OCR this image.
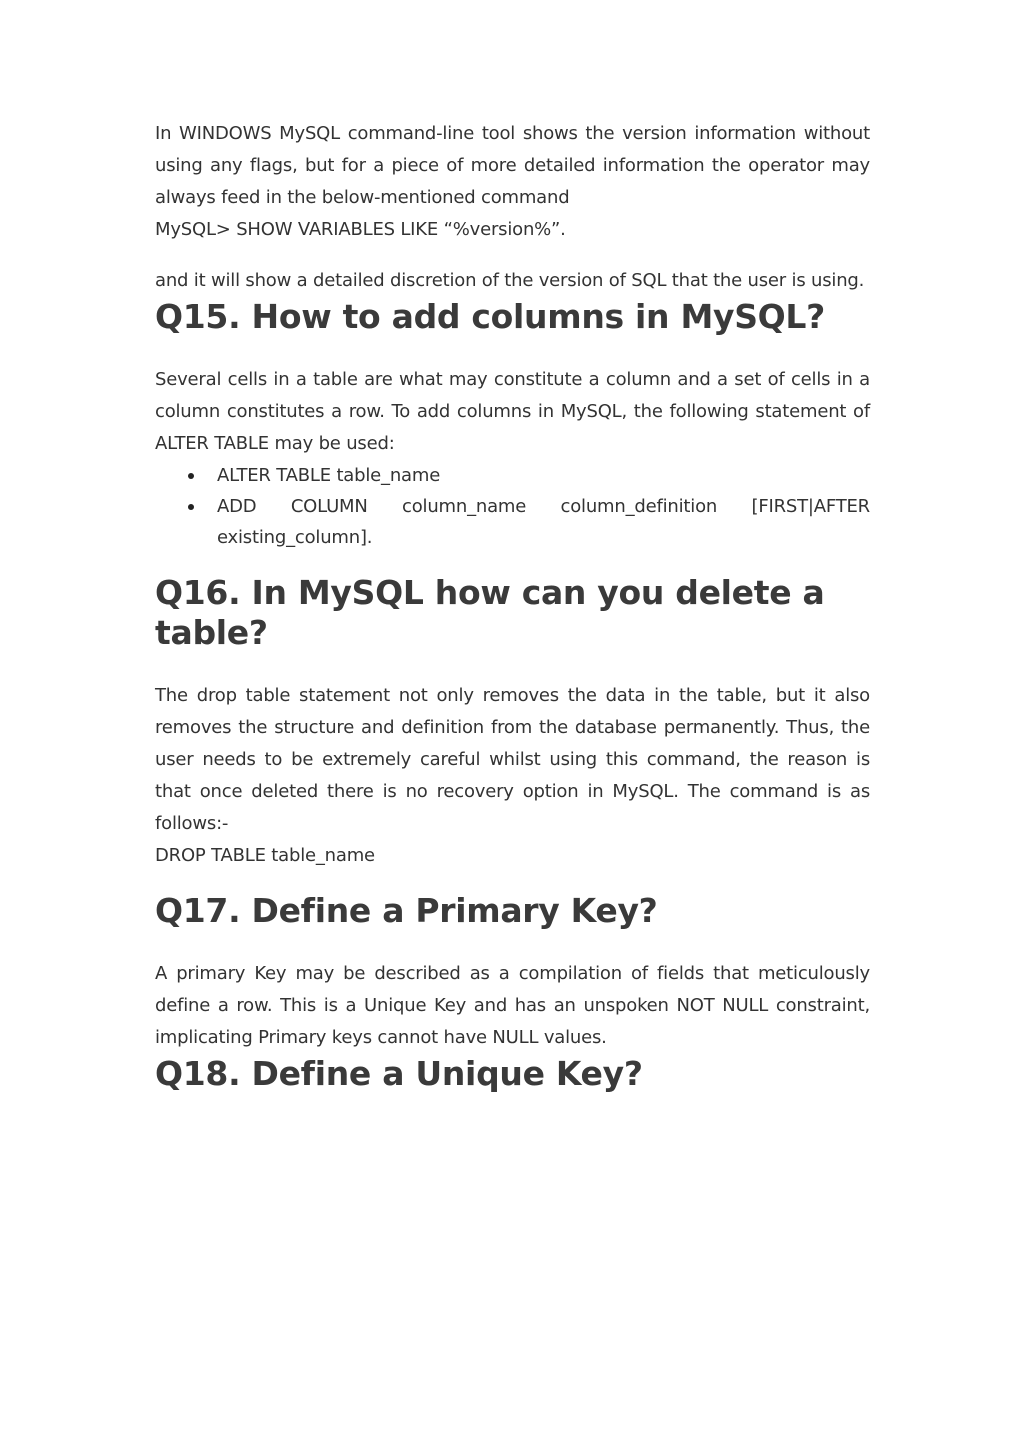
In WINDOWS MySQL command-line tool shows the version information without using any flags, but for a piece of more detailed information the operator may always feed in the below-mentioned command

MySQL> SHOW VARIABLES LIKE “%version%”.

and it will show a detailed discretion of the version of SQL that the user is using.

Q15. How to add columns in MySQL?

Several cells in a table are what may constitute a column and a set of cells in a column constitutes a row. To add columns in MySQL, the following statement of ALTER TABLE may be used:

ALTER TABLE table_name
ADD COLUMN column_name column_definition [FIRST|AFTER existing_column].
Q16. In MySQL how can you delete a table?

The drop table statement not only removes the data in the table, but it also removes the structure and definition from the database permanently. Thus, the user needs to be extremely careful whilst using this command, the reason is that once deleted there is no recovery option in MySQL. The command is as follows:-

DROP TABLE table_name

Q17. Define a Primary Key?

A primary Key may be described as a compilation of fields that meticulously define a row. This is a Unique Key and has an unspoken NOT NULL constraint, implicating Primary keys cannot have NULL values.

Q18. Define a Unique Key?
